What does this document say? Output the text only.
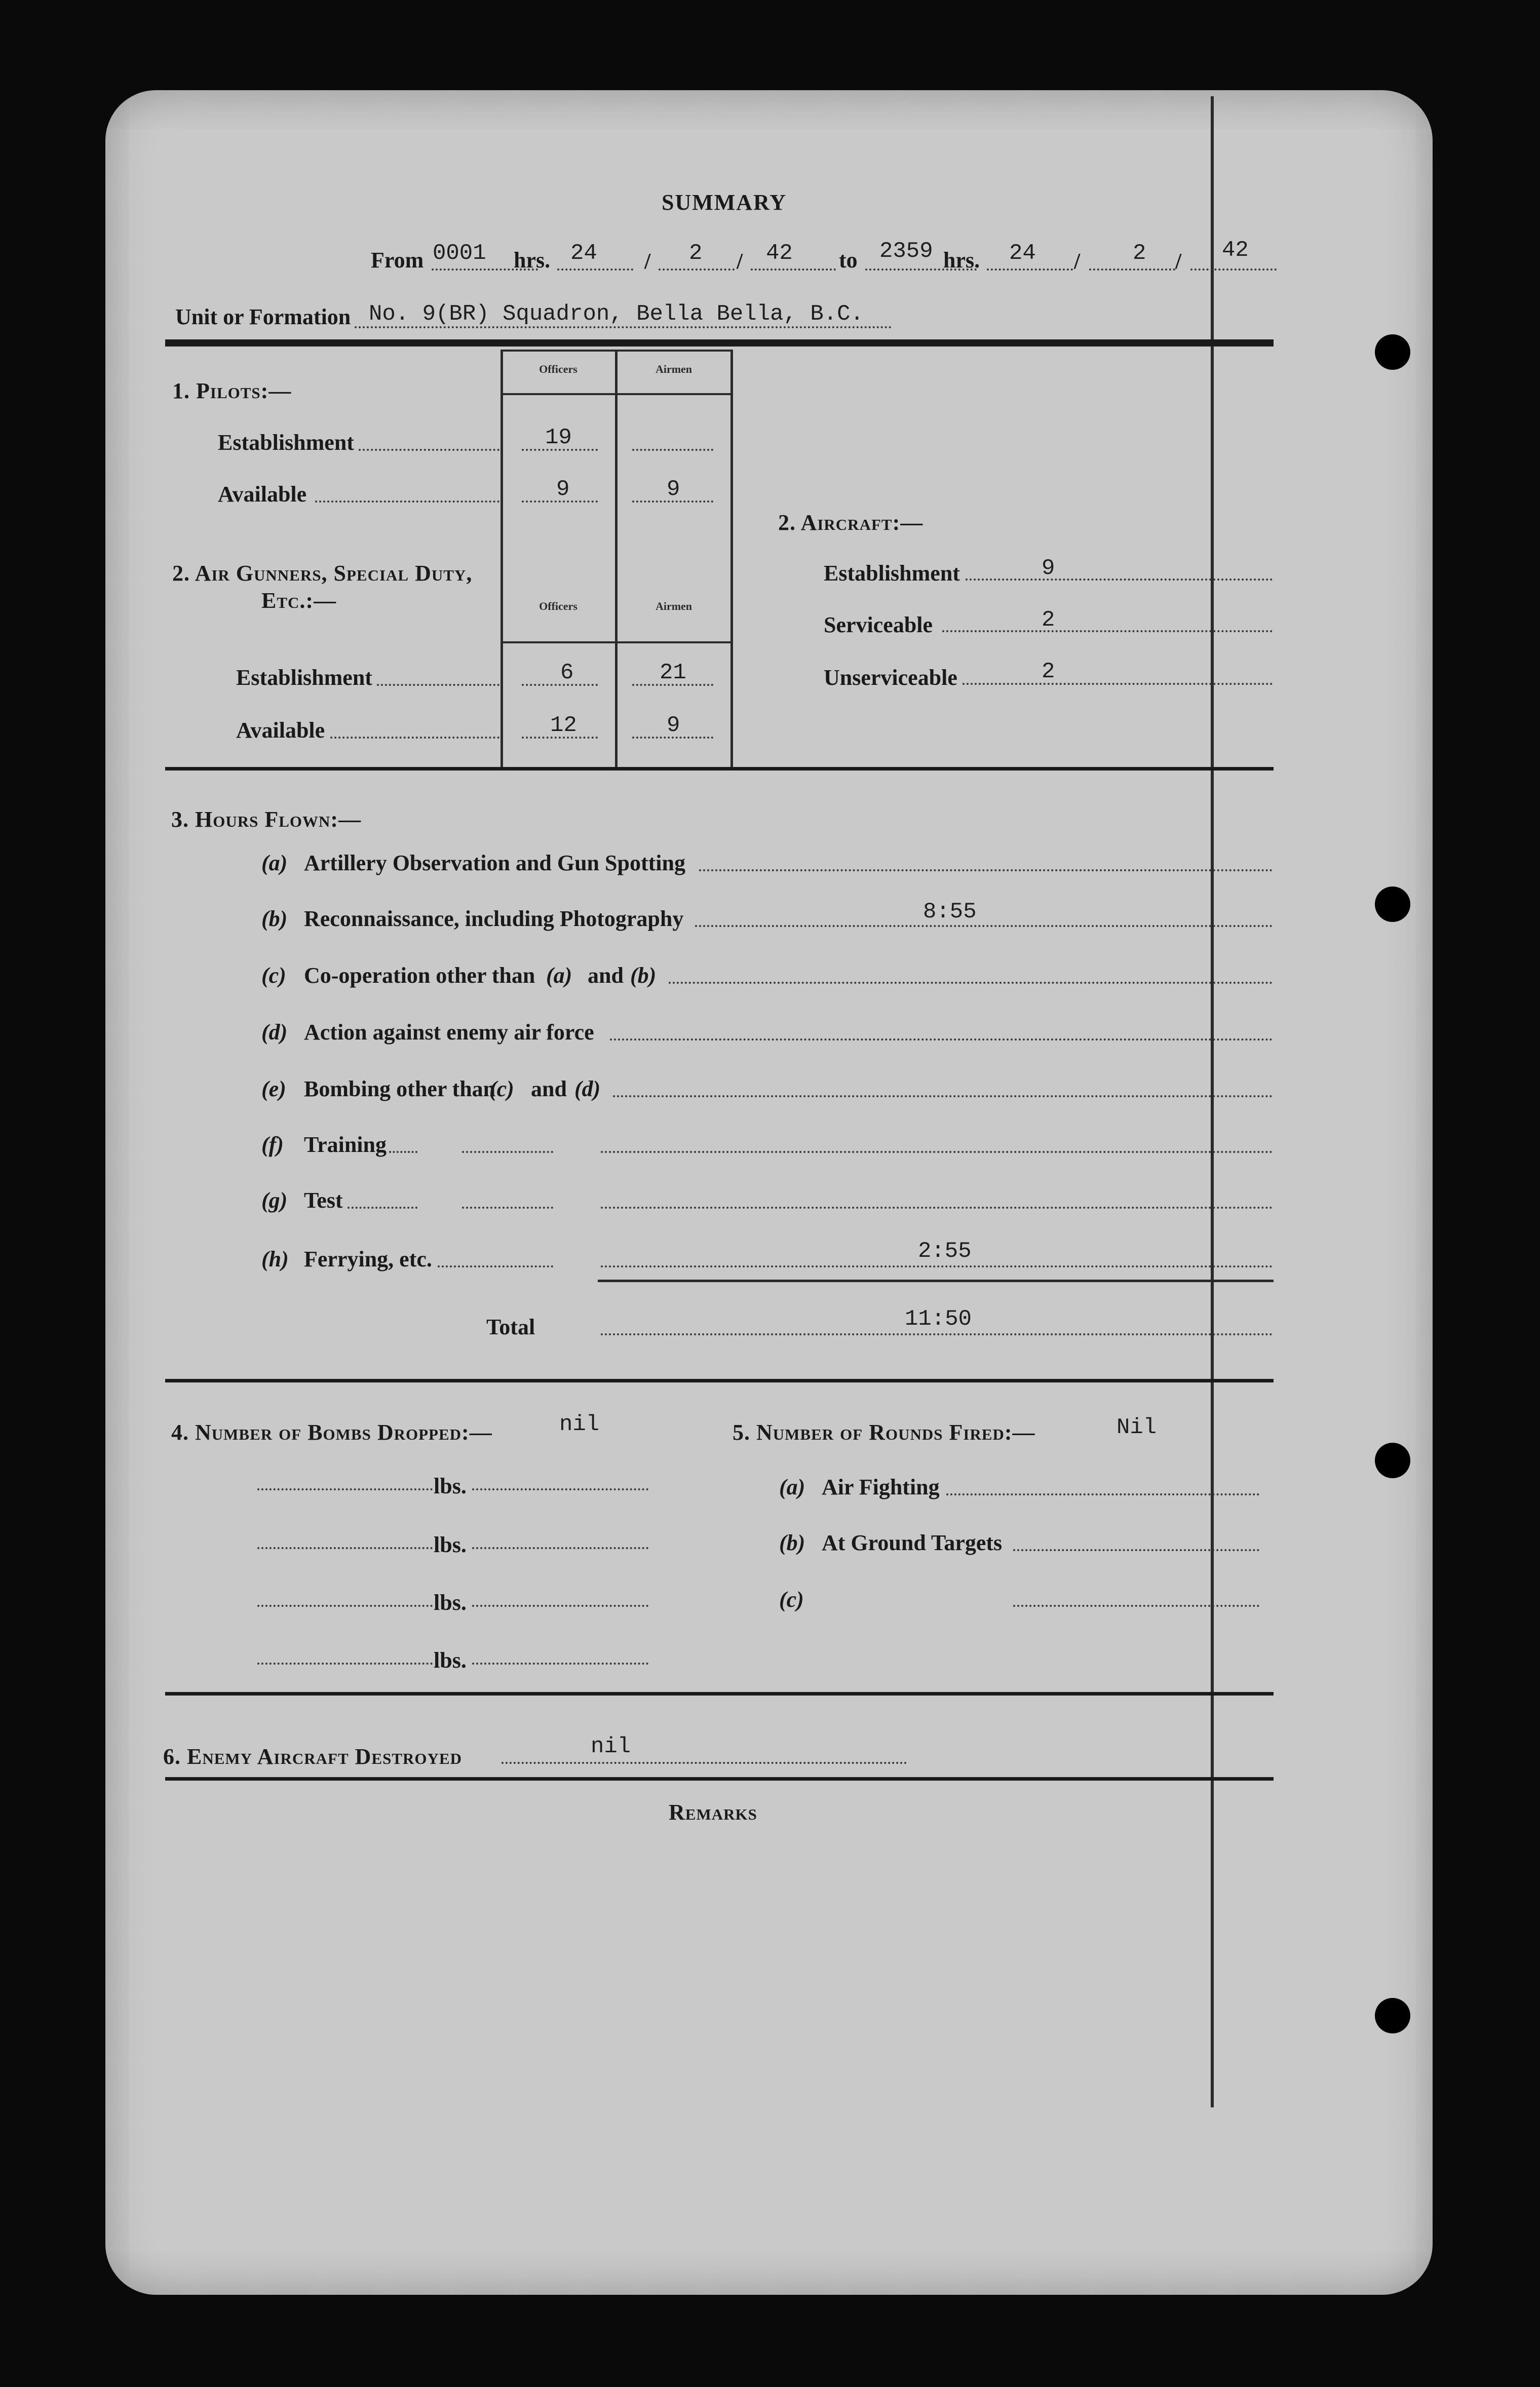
SUMMARY
From 0001 hrs. 24 / 2 / 42 to 2359 hrs. 24 / 2 / 42
Unit or Formation No. 9(BR) Squadron, Bella Bella, B.C.
Officers	Airmen
Officers	Airmen
1. Pilots:—
Establishment	19
Available	9	9
2. Air Gunners, Special Duty,
Etc.:—
Establishment	6	21
Available	12	9
2. Aircraft:—
Establishment	9
Serviceable	2
Unserviceable	2
3. Hours Flown:—
(a) Artillery Observation and Gun Spotting
(b) Reconnaissance, including Photography	8:55
(c) Co-operation other than (a) and (b)
(d) Action against enemy air force
(e) Bombing other than
(c) and (d)
(f) Training
(g) Test
(h) Ferrying, etc.	2:55
Total	11:50
4. Number of Bombs Dropped:—	nil
lbs.
lbs.
lbs.
lbs.
5. Number of Rounds Fired:—	Nil
(a) Air Fighting
(b) At Ground Targets
(c)
6. Enemy Aircraft Destroyed	nil
Remarks
